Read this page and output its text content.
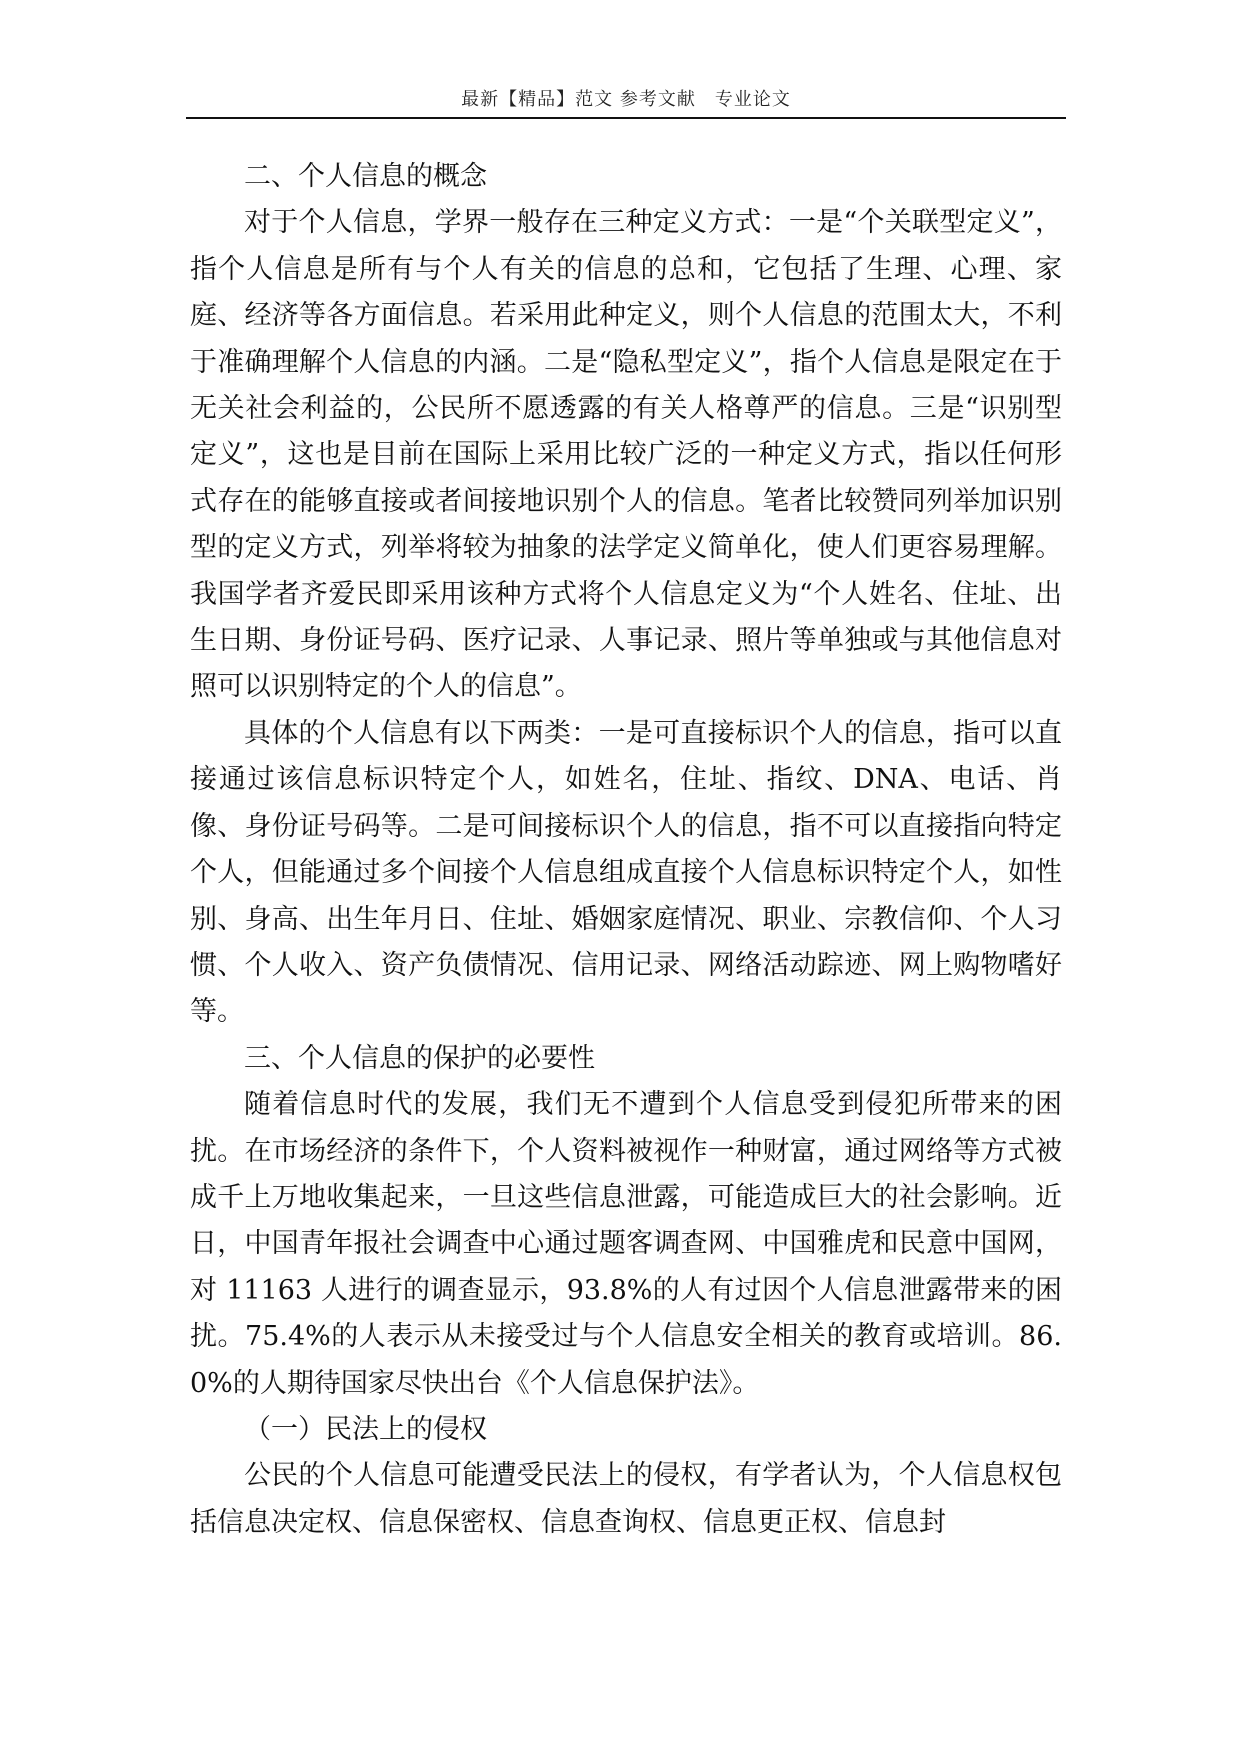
最新【精品】范文 参考文献　专业论文

二、个人信息的概念

对于个人信息，学界一般存在三种定义方式：一是“个关联型定义”，指个人信息是所有与个人有关的信息的总和，它包括了生理、心理、家庭、经济等各方面信息。若采用此种定义，则个人信息的范围太大，不利于准确理解个人信息的内涵。二是“隐私型定义”，指个人信息是限定在于无关社会利益的，公民所不愿透露的有关人格尊严的信息。三是“识别型定义”，这也是目前在国际上采用比较广泛的一种定义方式，指以任何形式存在的能够直接或者间接地识别个人的信息。笔者比较赞同列举加识别型的定义方式，列举将较为抽象的法学定义简单化，使人们更容易理解。我国学者齐爱民即采用该种方式将个人信息定义为“个人姓名、住址、出生日期、身份证号码、医疗记录、人事记录、照片等单独或与其他信息对照可以识别特定的个人的信息”。

具体的个人信息有以下两类：一是可直接标识个人的信息，指可以直接通过该信息标识特定个人，如姓名，住址、指纹、DNA、电话、肖像、身份证号码等。二是可间接标识个人的信息，指不可以直接指向特定个人，但能通过多个间接个人信息组成直接个人信息标识特定个人，如性别、身高、出生年月日、住址、婚姻家庭情况、职业、宗教信仰、个人习惯、个人收入、资产负债情况、信用记录、网络活动踪迹、网上购物嗜好等。

三、个人信息的保护的必要性

随着信息时代的发展，我们无不遭到个人信息受到侵犯所带来的困扰。在市场经济的条件下，个人资料被视作一种财富，通过网络等方式被成千上万地收集起来，一旦这些信息泄露，可能造成巨大的社会影响。近日，中国青年报社会调查中心通过题客调查网、中国雅虎和民意中国网，对 11163 人进行的调查显示，93.8%的人有过因个人信息泄露带来的困扰。75.4%的人表示从未接受过与个人信息安全相关的教育或培训。86.0%的人期待国家尽快出台《个人信息保护法》。

（一）民法上的侵权

公民的个人信息可能遭受民法上的侵权，有学者认为，个人信息权包括信息决定权、信息保密权、信息查询权、信息更正权、信息封
